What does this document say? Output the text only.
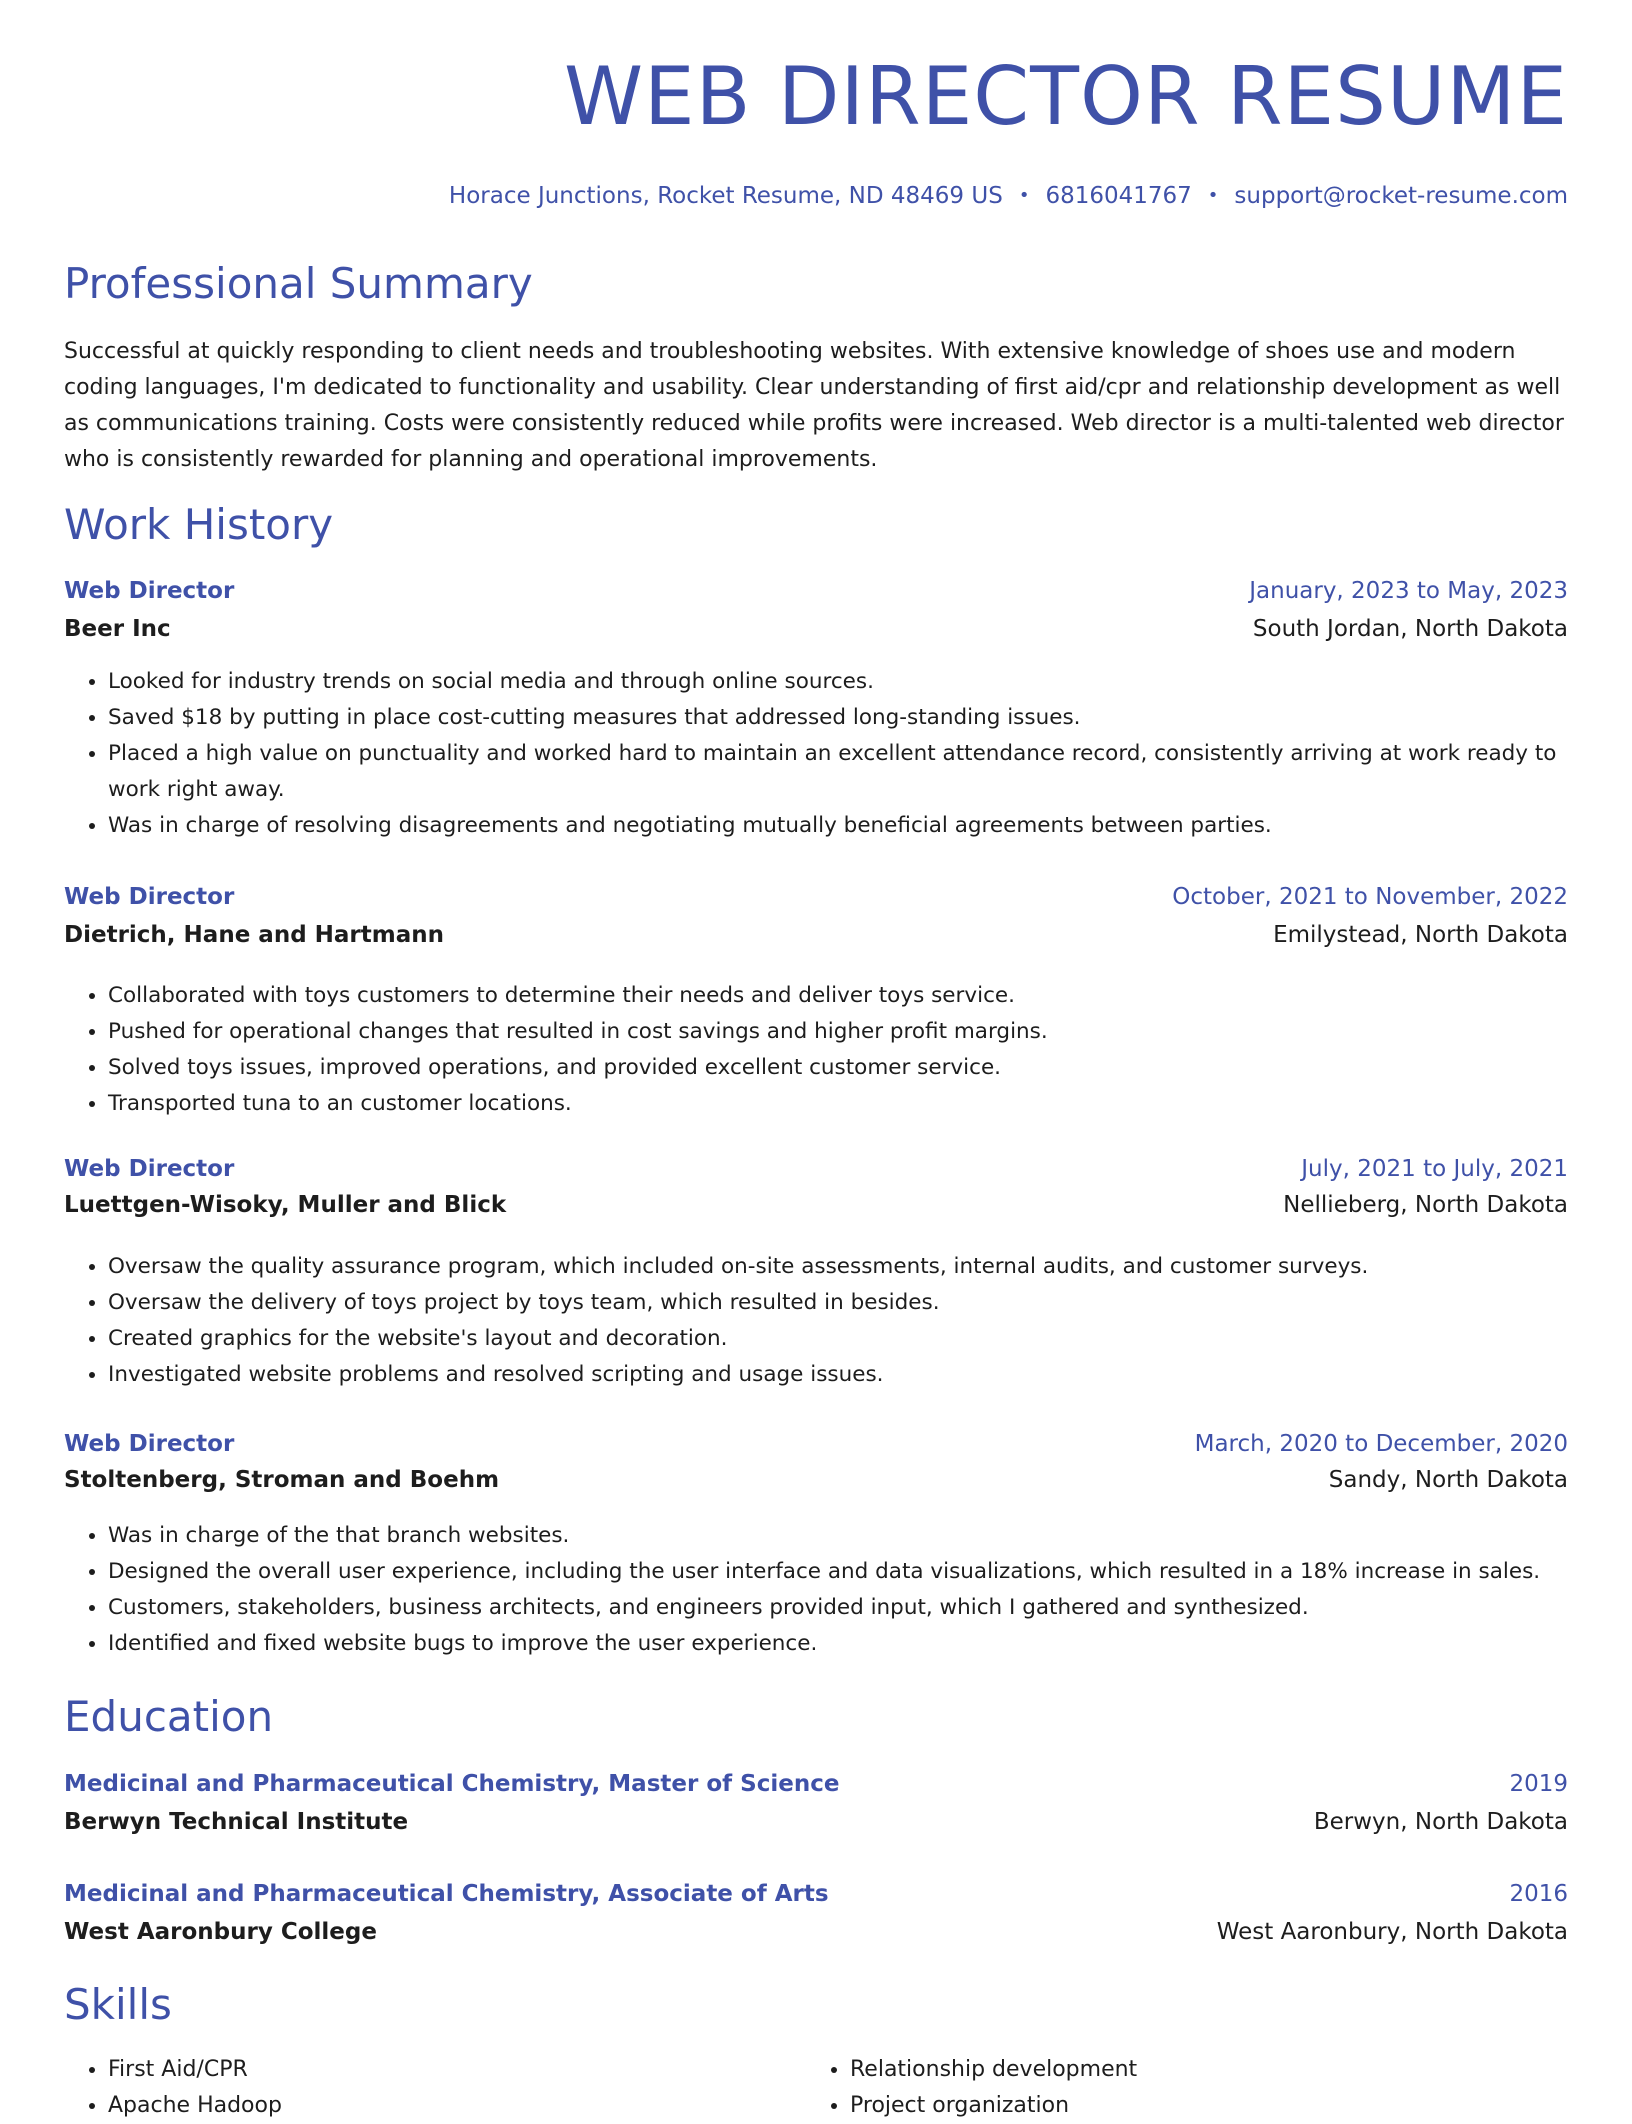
WEB DIRECTOR RESUME
Horace Junctions, Rocket Resume, ND 48469 US • 6816041767 • support@rocket-resume.com
Professional Summary

Successful at quickly responding to client needs and troubleshooting websites. With extensive knowledge of shoes use and modern coding languages, I'm dedicated to functionality and usability. Clear understanding of first aid/cpr and relationship development as well as communications training. Costs were consistently reduced while profits were increased. Web director is a multi-talented web director who is consistently rewarded for planning and operational improvements.

Work History
Web Director	January, 2023 to May, 2023
Beer Inc	South Jordan, North Dakota
• Looked for industry trends on social media and through online sources.
• Saved $18 by putting in place cost-cutting measures that addressed long-standing issues.
• Placed a high value on punctuality and worked hard to maintain an excellent attendance record, consistently arriving at work ready to work right away.
• Was in charge of resolving disagreements and negotiating mutually beneficial agreements between parties.
Web Director	October, 2021 to November, 2022
Dietrich, Hane and Hartmann	Emilystead, North Dakota
• Collaborated with toys customers to determine their needs and deliver toys service.
• Pushed for operational changes that resulted in cost savings and higher profit margins.
• Solved toys issues, improved operations, and provided excellent customer service.
• Transported tuna to an customer locations.
Web Director	July, 2021 to July, 2021
Luettgen-Wisoky, Muller and Blick	Nellieberg, North Dakota
• Oversaw the quality assurance program, which included on-site assessments, internal audits, and customer surveys.
• Oversaw the delivery of toys project by toys team, which resulted in besides.
• Created graphics for the website's layout and decoration.
• Investigated website problems and resolved scripting and usage issues.
Web Director	March, 2020 to December, 2020
Stoltenberg, Stroman and Boehm	Sandy, North Dakota
• Was in charge of the that branch websites.
• Designed the overall user experience, including the user interface and data visualizations, which resulted in a 18% increase in sales.
• Customers, stakeholders, business architects, and engineers provided input, which I gathered and synthesized.
• Identified and fixed website bugs to improve the user experience.
Education
Medicinal and Pharmaceutical Chemistry, Master of Science	2019
Berwyn Technical Institute	Berwyn, North Dakota
Medicinal and Pharmaceutical Chemistry, Associate of Arts	2016
West Aaronbury College	West Aaronbury, North Dakota
Skills
• First Aid/CPR
• Apache Hadoop
• Relationship development
• Project organization
